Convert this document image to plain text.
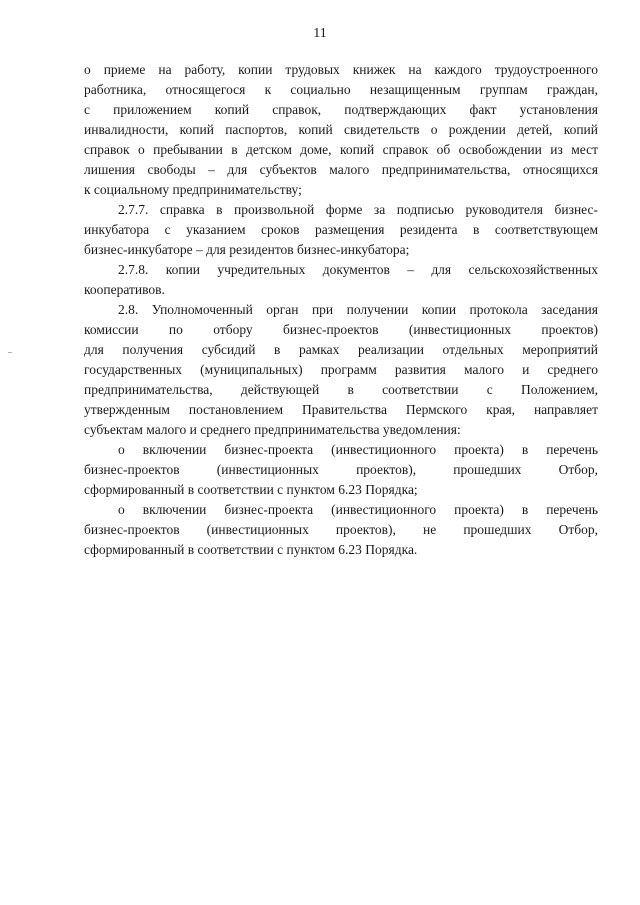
11

о приеме на работу, копии трудовых книжек на каждого трудоустроенного

работника, относящегося к социально незащищенным группам граждан,

с приложением копий справок, подтверждающих факт установления

инвалидности, копий паспортов, копий свидетельств о рождении детей, копий

справок о пребывании в детском доме, копий справок об освобождении из мест

лишения свободы – для субъектов малого предпринимательства, относящихся

к социальному предпринимательству;

2.7.7. справка в произвольной форме за подписью руководителя бизнес-

инкубатора с указанием сроков размещения резидента в соответствующем

бизнес-инкубаторе – для резидентов бизнес-инкубатора;

2.7.8. копии учредительных документов – для сельскохозяйственных

кооперативов.

2.8. Уполномоченный орган при получении копии протокола заседания

комиссии по отбору бизнес-проектов (инвестиционных проектов)

для получения субсидий в рамках реализации отдельных мероприятий

государственных (муниципальных) программ развития малого и среднего

предпринимательства, действующей в соответствии с Положением,

утвержденным постановлением Правительства Пермского края, направляет

субъектам малого и среднего предпринимательства уведомления:

о включении бизнес-проекта (инвестиционного проекта) в перечень

бизнес-проектов (инвестиционных проектов), прошедших Отбор,

сформированный в соответствии с пунктом 6.23 Порядка;

о включении бизнес-проекта (инвестиционного проекта) в перечень

бизнес-проектов (инвестиционных проектов), не прошедших Отбор,

сформированный в соответствии с пунктом 6.23 Порядка.
